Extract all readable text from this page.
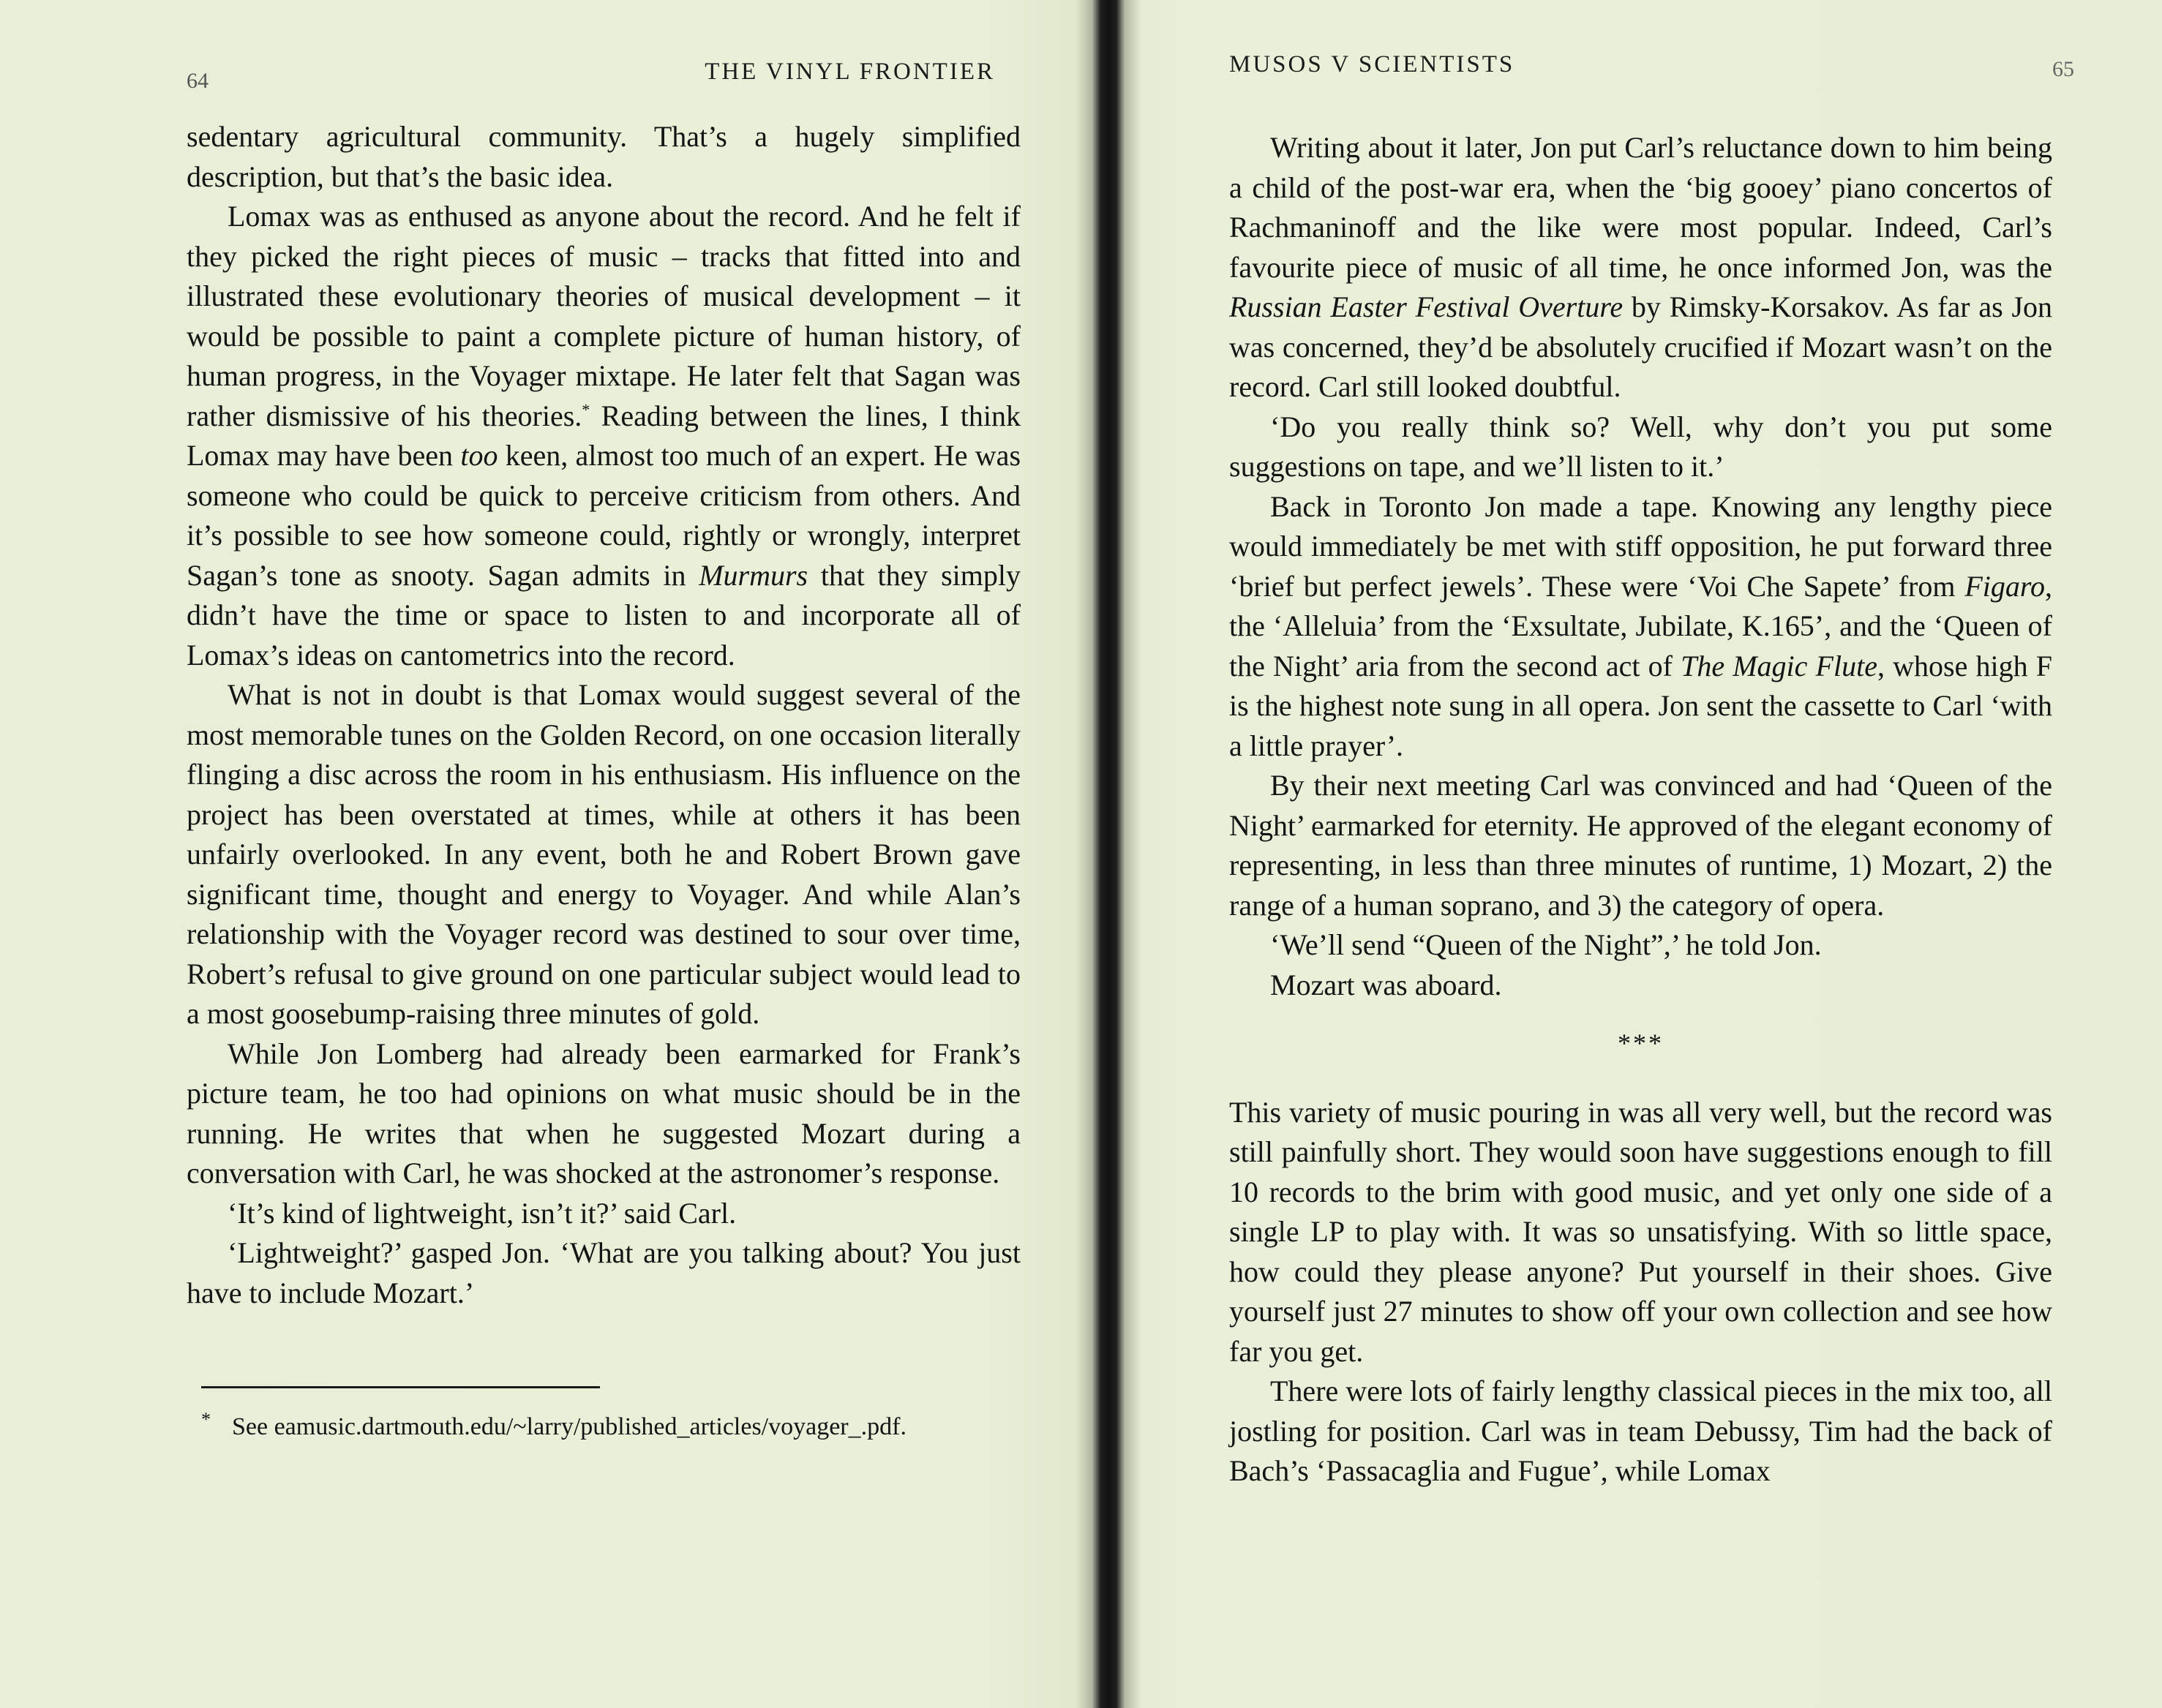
64	THE VINYL FRONTIER

sedentary agricultural community. That’s a hugely simplified description, but that’s the basic idea.

Lomax was as enthused as anyone about the record. And he felt if they picked the right pieces of music – tracks that fitted into and illustrated these evolutionary theories of musical development – it would be possible to paint a complete picture of human history, of human progress, in the Voyager mixtape. He later felt that Sagan was rather dismissive of his theories.* Reading between the lines, I think Lomax may have been too keen, almost too much of an expert. He was someone who could be quick to perceive criticism from others. And it’s possible to see how someone could, rightly or wrongly, interpret Sagan’s tone as snooty. Sagan admits in Murmurs that they simply didn’t have the time or space to listen to and incorporate all of Lomax’s ideas on cantometrics into the record.

What is not in doubt is that Lomax would suggest several of the most memorable tunes on the Golden Record, on one occasion literally flinging a disc across the room in his enthusiasm. His influence on the project has been overstated at times, while at others it has been unfairly overlooked. In any event, both he and Robert Brown gave significant time, thought and energy to Voyager. And while Alan’s relationship with the Voyager record was destined to sour over time, Robert’s refusal to give ground on one particular subject would lead to a most goosebump-raising three minutes of gold.

While Jon Lomberg had already been earmarked for Frank’s picture team, he too had opinions on what music should be in the running. He writes that when he suggested Mozart during a conversation with Carl, he was shocked at the astronomer’s response.

‘It’s kind of lightweight, isn’t it?’ said Carl.

‘Lightweight?’ gasped Jon. ‘What are you talking about? You just have to include Mozart.’

* See eamusic.dartmouth.edu/~larry/published_articles/voyager_.pdf.
MUSOS V SCIENTISTS	65

Writing about it later, Jon put Carl’s reluctance down to him being a child of the post-war era, when the ‘big gooey’ piano concertos of Rachmaninoff and the like were most popular. Indeed, Carl’s favourite piece of music of all time, he once informed Jon, was the Russian Easter Festival Overture by Rimsky-Korsakov. As far as Jon was concerned, they’d be absolutely crucified if Mozart wasn’t on the record. Carl still looked doubtful.

‘Do you really think so? Well, why don’t you put some suggestions on tape, and we’ll listen to it.’

Back in Toronto Jon made a tape. Knowing any lengthy piece would immediately be met with stiff opposition, he put forward three ‘brief but perfect jewels’. These were ‘Voi Che Sapete’ from Figaro, the ‘Alleluia’ from the ‘Exsultate, Jubilate, K.165’, and the ‘Queen of the Night’ aria from the second act of The Magic Flute, whose high F is the highest note sung in all opera. Jon sent the cassette to Carl ‘with a little prayer’.

By their next meeting Carl was convinced and had ‘Queen of the Night’ earmarked for eternity. He approved of the elegant economy of representing, in less than three minutes of runtime, 1) Mozart, 2) the range of a human soprano, and 3) the category of opera.

‘We’ll send “Queen of the Night”,’ he told Jon.

Mozart was aboard.

***

This variety of music pouring in was all very well, but the record was still painfully short. They would soon have suggestions enough to fill 10 records to the brim with good music, and yet only one side of a single LP to play with. It was so unsatisfying. With so little space, how could they please anyone? Put yourself in their shoes. Give yourself just 27 minutes to show off your own collection and see how far you get.

There were lots of fairly lengthy classical pieces in the mix too, all jostling for position. Carl was in team Debussy, Tim had the back of Bach’s ‘Passacaglia and Fugue’, while Lomax
